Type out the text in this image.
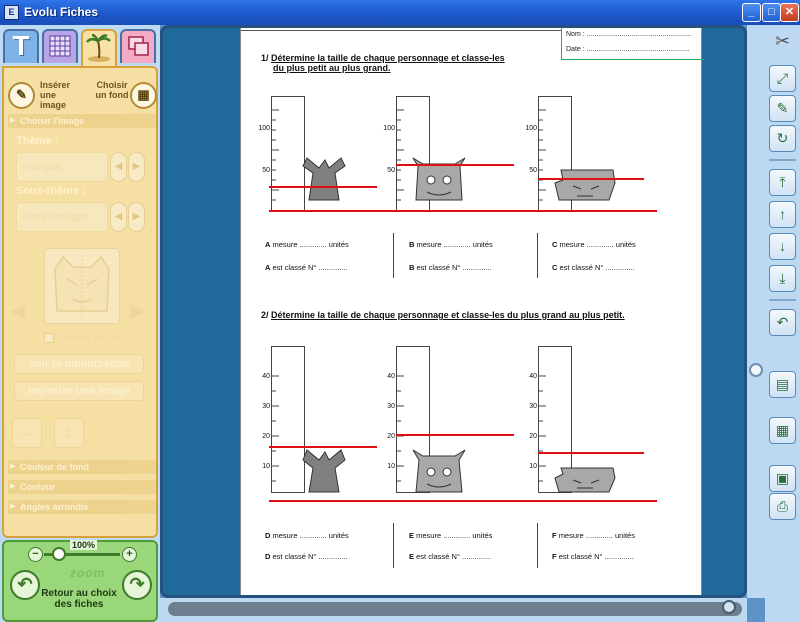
E Evolu Fiches	_	□ ✕
T
✎
Insérer une image
Choisir un fond ▦
▶ Choisir l'image
Thème :
mangas	◀	▶
Sous-thème :
demi-mangas	◀	▶
◀	▶
Dessin au trait
Voir la bibliothèque
Importer une image
↔	↕
▶ Couleur de fond
▶ Contour
▶ Angles arrondis
−
100%
+
zoom
↶ Retour au choix des fiches
↷
Nom : ......................................................
Date : .....................................................
1/ Détermine la taille de chaque personnage et classe-les
du plus petit au plus grand.
100
50
100
50
100
50
A mesure ............. unités
A est classé N° ..............
B mesure ............. unités
B est classé N° ..............
C mesure ............. unités
C est classé N° ..............
2/ Détermine la taille de chaque personnage et classe-les du plus grand au plus petit.
40
30
20
10
40
30
20
10
40
30
20
10
D mesure ............. unités
D est classé N° ..............
E mesure ............. unités
E est classé N° ..............
F mesure ............. unités
F est classé N° ..............
✂
⤢
✎
↻
⤒
↑
↓
⤓
↶
▤
▦
▣
⎙
